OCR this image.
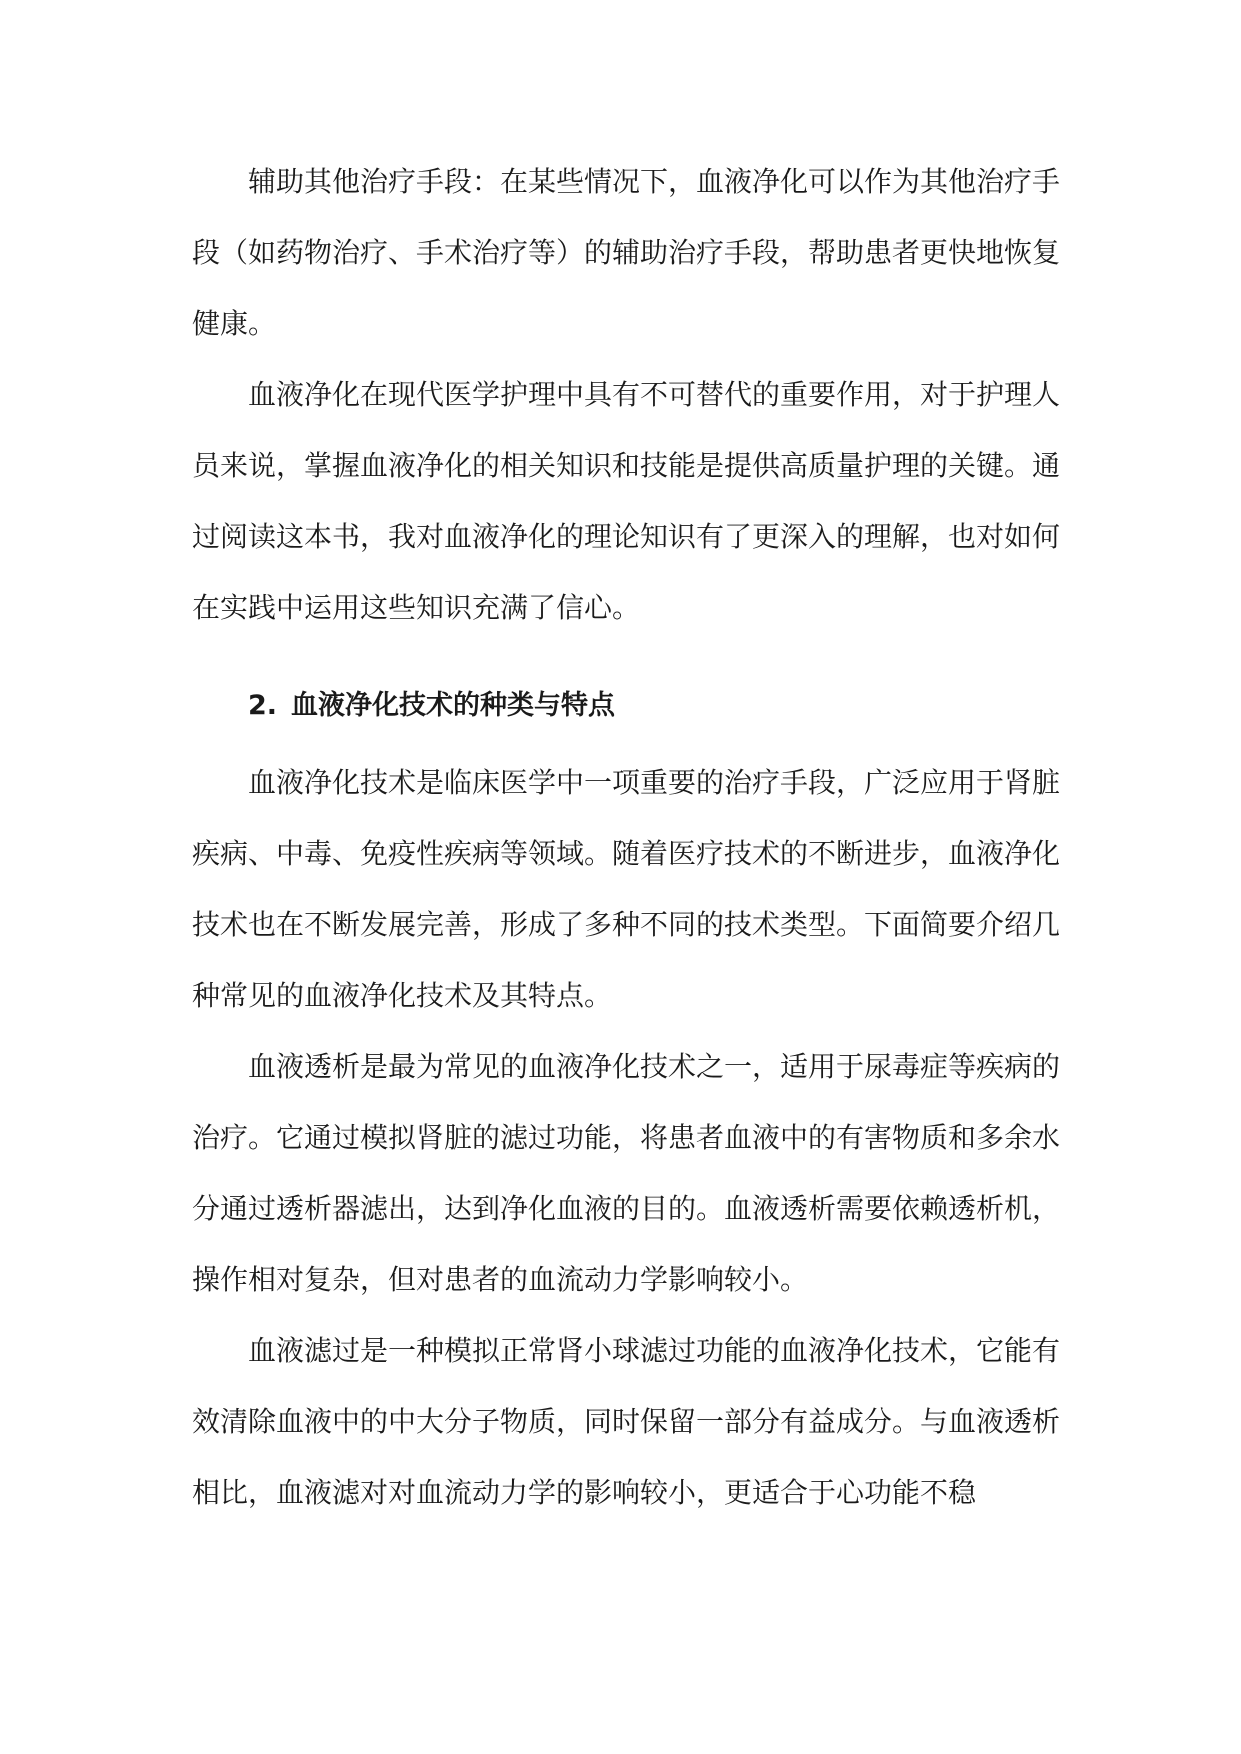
辅助其他治疗手段：在某些情况下，血液净化可以作为其他治疗手段（如药物治疗、手术治疗等）的辅助治疗手段，帮助患者更快地恢复健康。

血液净化在现代医学护理中具有不可替代的重要作用，对于护理人员来说，掌握血液净化的相关知识和技能是提供高质量护理的关键。通过阅读这本书，我对血液净化的理论知识有了更深入的理解，也对如何在实践中运用这些知识充满了信心。

2. 血液净化技术的种类与特点

血液净化技术是临床医学中一项重要的治疗手段，广泛应用于肾脏疾病、中毒、免疫性疾病等领域。随着医疗技术的不断进步，血液净化技术也在不断发展完善，形成了多种不同的技术类型。下面简要介绍几种常见的血液净化技术及其特点。

血液透析是最为常见的血液净化技术之一，适用于尿毒症等疾病的治疗。它通过模拟肾脏的滤过功能，将患者血液中的有害物质和多余水分通过透析器滤出，达到净化血液的目的。血液透析需要依赖透析机，操作相对复杂，但对患者的血流动力学影响较小。

血液滤过是一种模拟正常肾小球滤过功能的血液净化技术，它能有效清除血液中的中大分子物质，同时保留一部分有益成分。与血液透析相比，血液滤对对血流动力学的影响较小，更适合于心功能不稳
